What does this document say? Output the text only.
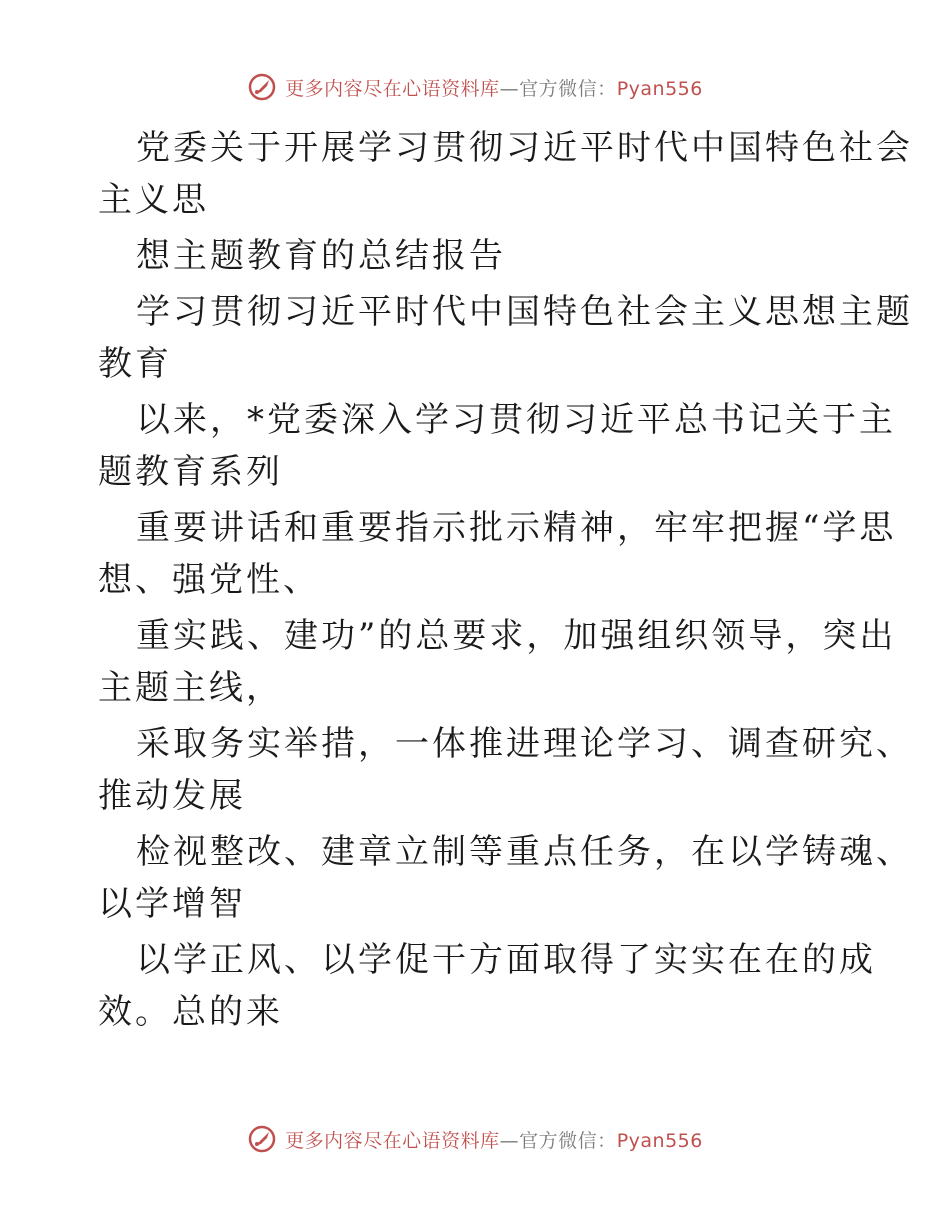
更多内容尽在心语资料库—官方微信：Pyan556
党委关于开展学习贯彻习近平时代中国特色社会
主义思
想主题教育的总结报告
学习贯彻习近平时代中国特色社会主义思想主题
教育
以来，*党委深入学习贯彻习近平总书记关于主
题教育系列
重要讲话和重要指示批示精神，牢牢把握“学思
想、强党性、
重实践、建功”的总要求，加强组织领导，突出
主题主线，
采取务实举措，一体推进理论学习、调查研究、
推动发展
检视整改、建章立制等重点任务，在以学铸魂、
以学增智
以学正风、以学促干方面取得了实实在在的成
效。总的来
更多内容尽在心语资料库—官方微信：Pyan556
